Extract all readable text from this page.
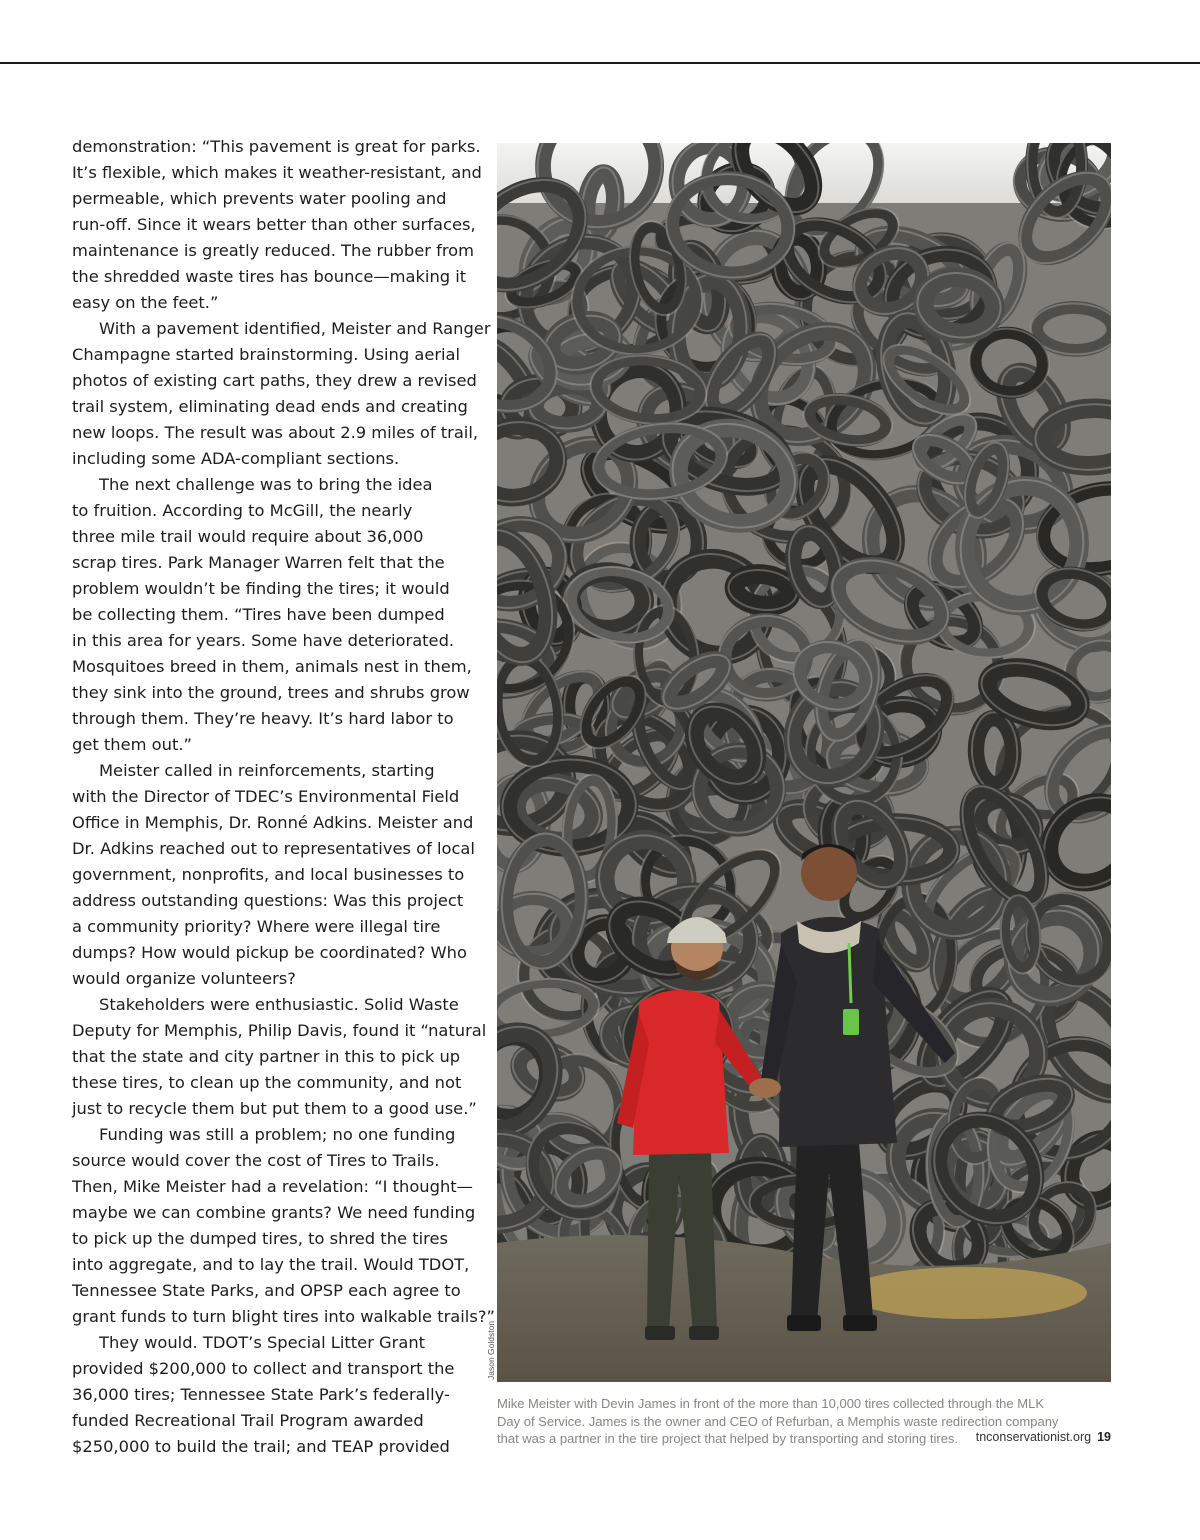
demonstration: “This pavement is great for parks.
It’s flexible, which makes it weather-resistant, and
permeable, which prevents water pooling and
run-off. Since it wears better than other surfaces,
maintenance is greatly reduced. The rubber from
the shredded waste tires has bounce—making it
easy on the feet.”
With a pavement identified, Meister and Ranger
Champagne started brainstorming. Using aerial
photos of existing cart paths, they drew a revised
trail system, eliminating dead ends and creating
new loops. The result was about 2.9 miles of trail,
including some ADA-compliant sections.
The next challenge was to bring the idea
to fruition. According to McGill, the nearly
three mile trail would require about 36,000
scrap tires. Park Manager Warren felt that the
problem wouldn’t be finding the tires; it would
be collecting them. “Tires have been dumped
in this area for years. Some have deteriorated.
Mosquitoes breed in them, animals nest in them,
they sink into the ground, trees and shrubs grow
through them. They’re heavy. It’s hard labor to
get them out.”
Meister called in reinforcements, starting
with the Director of TDEC’s Environmental Field
Office in Memphis, Dr. Ronné Adkins. Meister and
Dr. Adkins reached out to representatives of local
government, nonprofits, and local businesses to
address outstanding questions: Was this project
a community priority? Where were illegal tire
dumps? How would pickup be coordinated? Who
would organize volunteers?
Stakeholders were enthusiastic. Solid Waste
Deputy for Memphis, Philip Davis, found it “natural
that the state and city partner in this to pick up
these tires, to clean up the community, and not
just to recycle them but put them to a good use.”
Funding was still a problem; no one funding
source would cover the cost of Tires to Trails.
Then, Mike Meister had a revelation: “I thought—
maybe we can combine grants? We need funding
to pick up the dumped tires, to shred the tires
into aggregate, and to lay the trail. Would TDOT,
Tennessee State Parks, and OPSP each agree to
grant funds to turn blight tires into walkable trails?”
They would. TDOT’s Special Litter Grant
provided $200,000 to collect and transport the
36,000 tires; Tennessee State Park’s federally-
funded Recreational Trail Program awarded
$250,000 to build the trail; and TEAP provided
Jason Goldston
Mike Meister with Devin James in front of the more than 10,000 tires collected through the MLK
Day of Service. James is the owner and CEO of Refurban, a Memphis waste redirection company
that was a partner in the tire project that helped by transporting and storing tires.	tnconservationist.org 19
